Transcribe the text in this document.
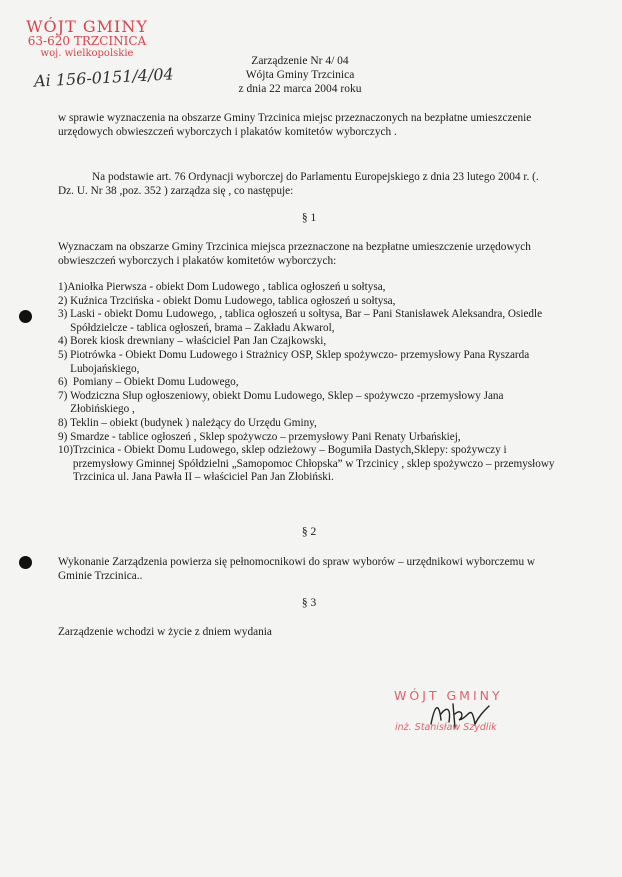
WÓJT GMINY
63-620 TRZCINICA
woj. wielkopolskie
Ai 156-0151/4/04
Zarządzenie Nr 4/ 04
Wójta Gminy Trzcinica
z dnia 22 marca 2004 roku
w sprawie wyznaczenia na obszarze Gminy Trzcinica miejsc przeznaczonych na bezpłatne umieszczenie urzędowych obwieszczeń wyborczych i plakatów komitetów wyborczych .
Na podstawie art. 76 Ordynacji wyborczej do Parlamentu Europejskiego z dnia 23 lutego 2004 r. (. Dz. U. Nr 38 ,poz. 352 ) zarządza się , co następuje:
§ 1
Wyznaczam na obszarze Gminy Trzcinica miejsca przeznaczone na bezpłatne umieszczenie urzędowych obwieszczeń wyborczych i plakatów komitetów wyborczych:
1) Aniołka Pierwsza - obiekt Dom Ludowego , tablica ogłoszeń u sołtysa,
2) Kuźnica Trzcińska - obiekt Domu Ludowego, tablica ogłoszeń u sołtysa,
3) Laski - obiekt Domu Ludowego, , tablica ogłoszeń u sołtysa, Bar – Pani Stanisławek Aleksandra, Osiedle Spółdzielcze - tablica ogłoszeń, brama – Zakładu Akwarol,
4) Borek kiosk drewniany – właściciel Pan Jan Czajkowski,
5) Piotrówka - Obiekt Domu Ludowego i Strażnicy OSP, Sklep spożywczo- przemysłowy Pana Ryszarda Lubojańskiego,
6) Pomiany – Obiekt Domu Ludowego,
7) Wodziczna Słup ogłoszeniowy, obiekt Domu Ludowego, Sklep – spożywczo -przemysłowy Jana Złobińskiego ,
8) Teklin – obiekt (budynek ) należący do Urzędu Gminy,
9) Smardze - tablice ogłoszeń , Sklep spożywczo – przemysłowy Pani Renaty Urbańskiej,
10) Trzcinica - Obiekt Domu Ludowego, sklep odzieżowy – Bogumiła Dastych,Sklepy: spożywczy i przemysłowy Gminnej Spółdzielni „Samopomoc Chłopska” w Trzcinicy , sklep spożywczo – przemysłowy Trzcinica ul. Jana Pawła II – właściciel Pan Jan Złobiński.
§ 2
Wykonanie Zarządzenia powierza się pełnomocnikowi do spraw wyborów – urzędnikowi wyborczemu w Gminie Trzcinica..
§ 3
Zarządzenie wchodzi w życie z dniem wydania
WÓJT GMINY
inż. Stanisław Szydlik
